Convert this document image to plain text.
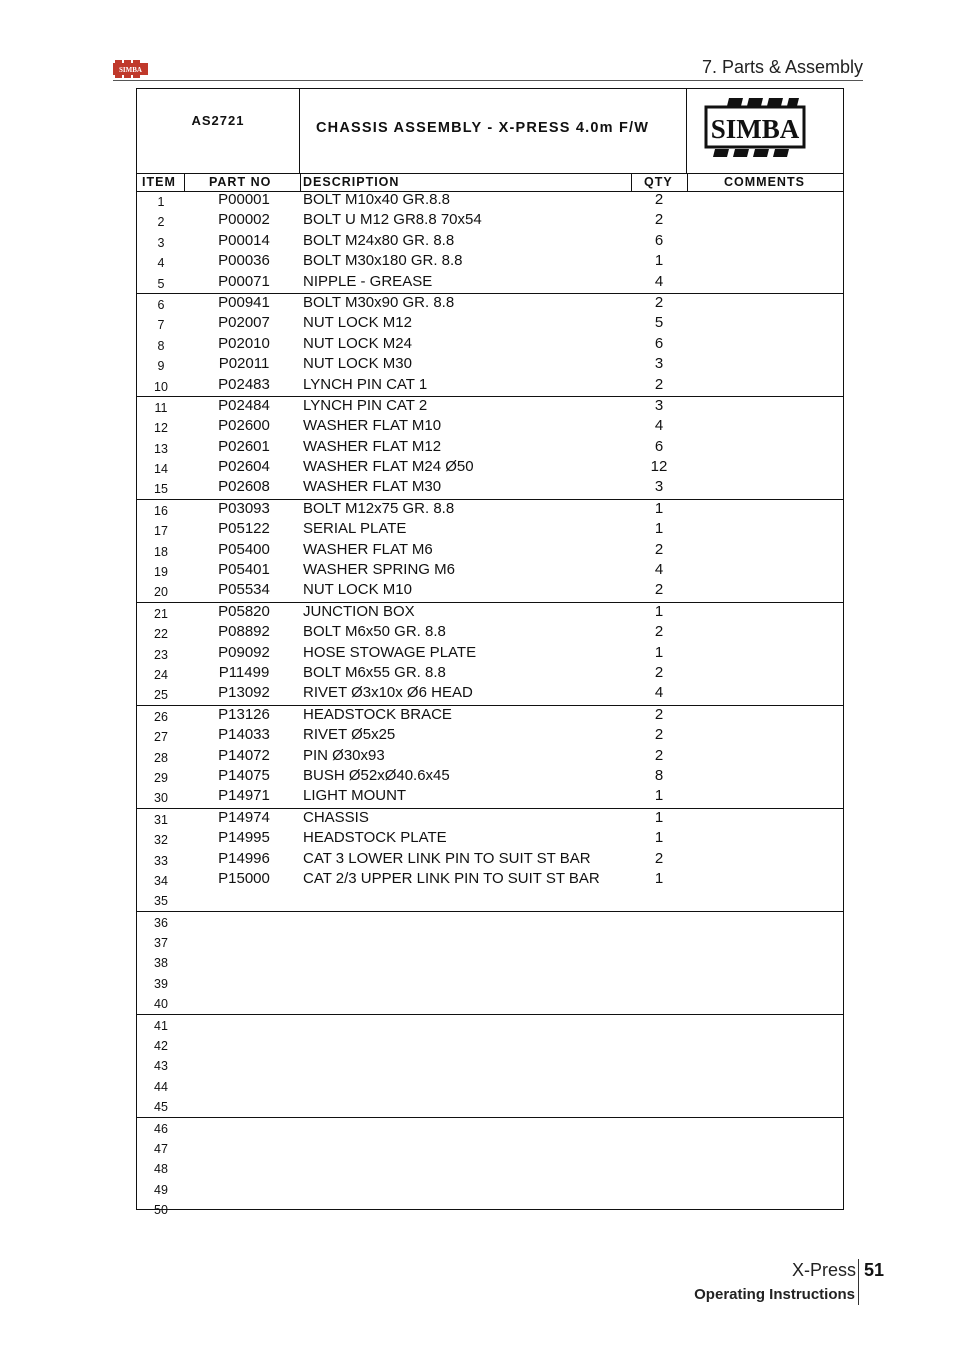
SIMBA	7. Parts & Assembly
AS2721	CHASSIS ASSEMBLY - X-PRESS 4.0m F/W SIMBA
ITEM	PART NO	DESCRIPTION	QTY	COMMENTS
1	P00001	BOLT M10x40 GR.8.8	2
2	P00002	BOLT U M12 GR8.8 70x54	2
3	P00014	BOLT M24x80 GR. 8.8	6
4	P00036	BOLT M30x180 GR. 8.8	1
5	P00071	NIPPLE - GREASE	4
6	P00941	BOLT M30x90 GR. 8.8	2
7	P02007	NUT LOCK M12	5
8	P02010	NUT LOCK M24	6
9	P02011	NUT LOCK M30	3
10	P02483	LYNCH PIN CAT 1	2
11	P02484	LYNCH PIN CAT 2	3
12	P02600	WASHER FLAT M10	4
13	P02601	WASHER FLAT M12	6
14	P02604	WASHER FLAT M24 Ø50	12
15	P02608	WASHER FLAT M30	3
16	P03093	BOLT M12x75 GR. 8.8	1
17	P05122	SERIAL PLATE	1
18	P05400	WASHER FLAT M6	2
19	P05401	WASHER SPRING M6	4
20	P05534	NUT LOCK M10	2
21	P05820	JUNCTION BOX	1
22	P08892	BOLT M6x50 GR. 8.8	2
23	P09092	HOSE STOWAGE PLATE	1
24	P11499	BOLT M6x55 GR. 8.8	2
25	P13092	RIVET Ø3x10x Ø6 HEAD	4
26	P13126	HEADSTOCK BRACE	2
27	P14033	RIVET Ø5x25	2
28	P14072	PIN Ø30x93	2
29	P14075	BUSH Ø52xØ40.6x45	8
30	P14971	LIGHT MOUNT	1
31	P14974	CHASSIS	1
32	P14995	HEADSTOCK PLATE	1
33	P14996	CAT 3 LOWER LINK PIN TO SUIT ST BAR	2
34	P15000	CAT 2/3 UPPER LINK PIN TO SUIT ST BAR	1
35
36
37
38
39
40
41
42
43
44
45
46
47
48
49
50
X-Press 51
Operating Instructions
